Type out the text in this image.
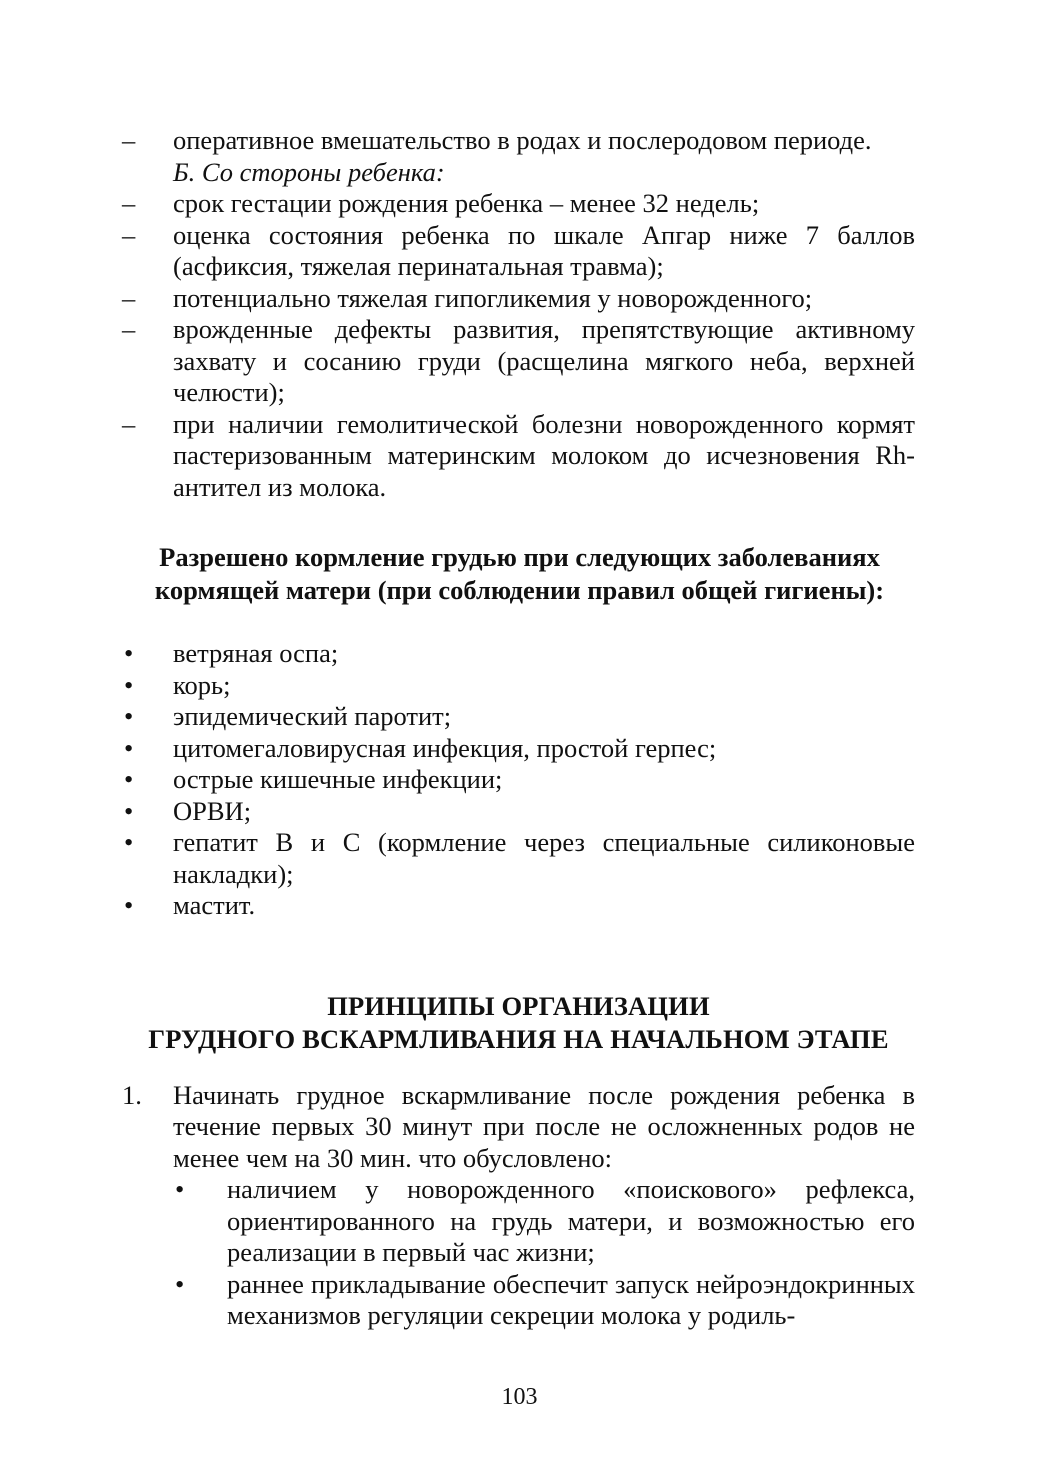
–	оперативное вмешательство в родах и послеродовом периоде.
Б. Со стороны ребенка:
–	срок гестации рождения ребенка – менее 32 недель;
–	оценка состояния ребенка по шкале Апгар ниже 7 баллов (асфиксия, тяжелая перинатальная травма);
–	потенциально тяжелая гипогликемия у новорожденного;
–	врожденные дефекты развития, препятствующие активному захвату и сосанию груди (расщелина мягкого неба, верхней челюсти);
–	при наличии гемолитической болезни новорожденного кормят пастеризованным материнским молоком до исчезновения Rh-антител из молока.
Разрешено кормление грудью при следующих заболеваниях
кормящей матери (при соблюдении правил общей гигиены):
•	ветряная оспа;
•	корь;
•	эпидемический паротит;
•	цитомегаловирусная инфекция, простой герпес;
•	острые кишечные инфекции;
•	ОРВИ;
•	гепатит В и С (кормление через специальные силиконовые накладки);
•	мастит.
ПРИНЦИПЫ ОРГАНИЗАЦИИ
ГРУДНОГО ВСКАРМЛИВАНИЯ НА НАЧАЛЬНОМ ЭТАПЕ
1.	Начинать грудное вскармливание после рождения ребенка в течение первых 30 минут при после не осложненных родов не менее чем на 30 мин. что обусловлено:
•	наличием у новорожденного «поискового» рефлекса, ориентированного на грудь матери, и возможностью его реализации в первый час жизни;
•	раннее прикладывание обеспечит запуск нейроэндокринных механизмов регуляции секреции молока у родиль-
103
